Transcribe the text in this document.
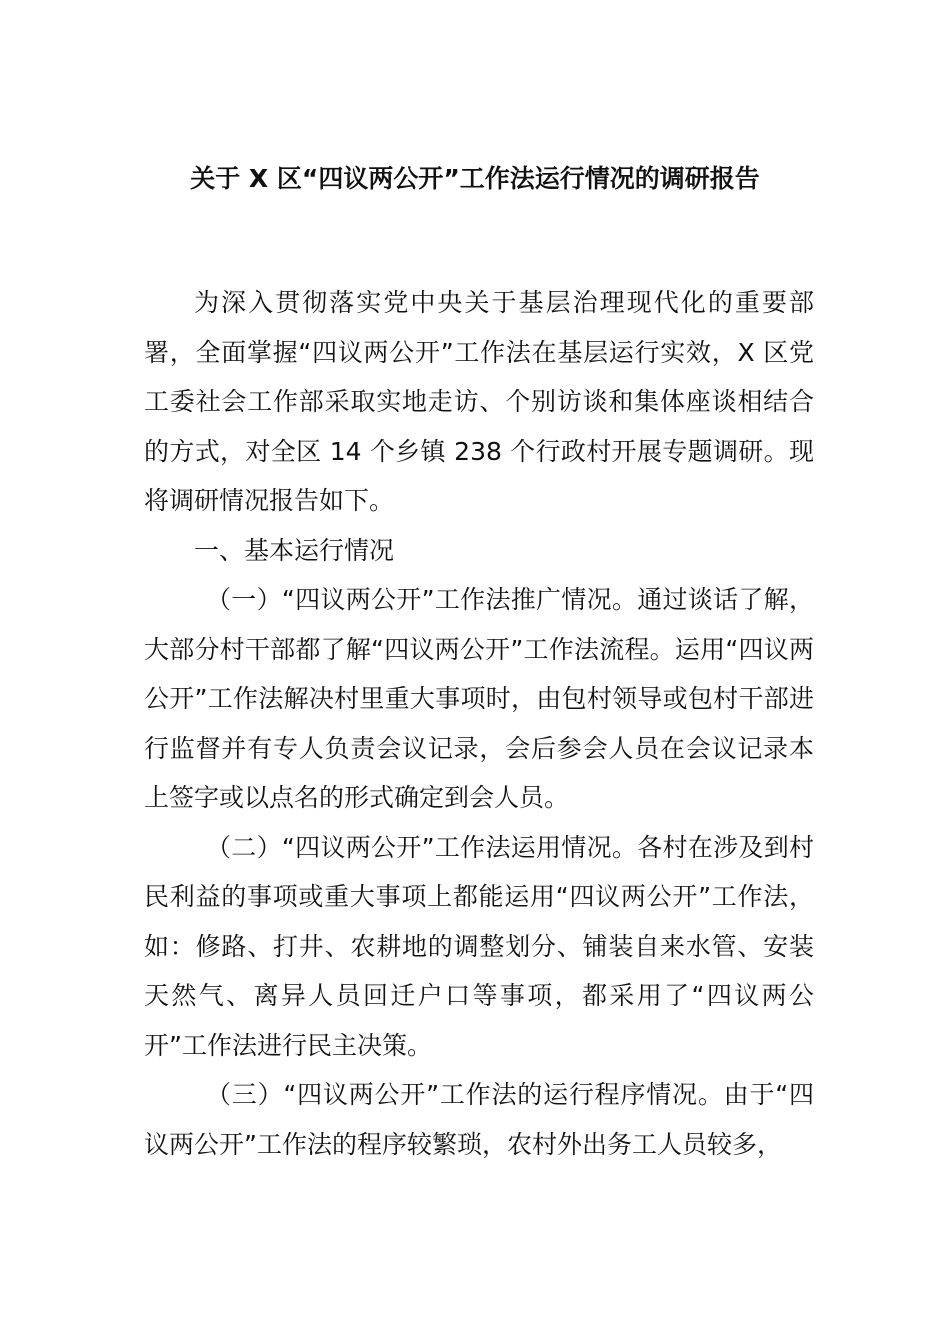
关于 X 区“四议两公开”工作法运行情况的调研报告

为深入贯彻落实党中央关于基层治理现代化的重要部署，全面掌握“四议两公开”工作法在基层运行实效，X 区党工委社会工作部采取实地走访、个别访谈和集体座谈相结合的方式，对全区 14 个乡镇 238 个行政村开展专题调研。现将调研情况报告如下。

一、基本运行情况

（一）“四议两公开”工作法推广情况。通过谈话了解，大部分村干部都了解“四议两公开”工作法流程。运用“四议两公开”工作法解决村里重大事项时，由包村领导或包村干部进行监督并有专人负责会议记录，会后参会人员在会议记录本上签字或以点名的形式确定到会人员。

（二）“四议两公开”工作法运用情况。各村在涉及到村民利益的事项或重大事项上都能运用“四议两公开”工作法，如：修路、打井、农耕地的调整划分、铺装自来水管、安装天然气、离异人员回迁户口等事项，都采用了“四议两公开”工作法进行民主决策。

（三）“四议两公开”工作法的运行程序情况。由于“四议两公开”工作法的程序较繁琐，农村外出务工人员较多，
